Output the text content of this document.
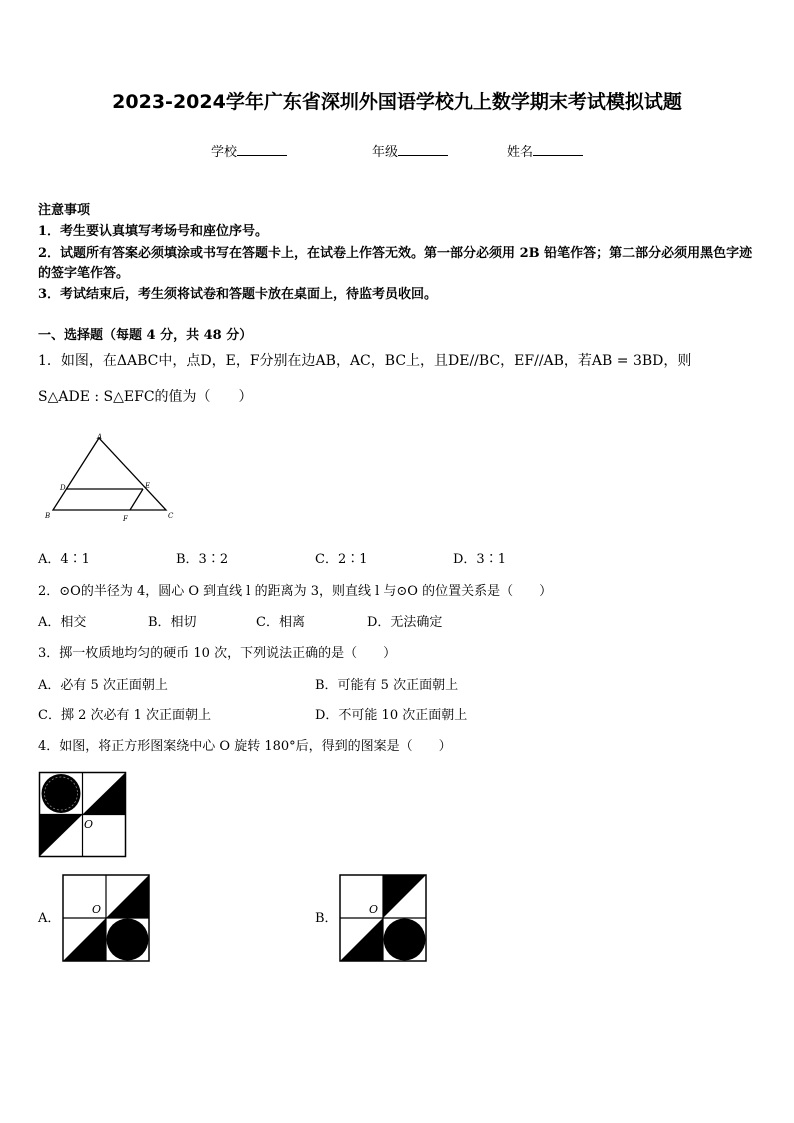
2023-2024学年广东省深圳外国语学校九上数学期末考试模拟试题
学校	年级	姓名
注意事项
1．考生要认真填写考场号和座位序号。
2．试题所有答案必须填涂或书写在答题卡上，在试卷上作答无效。第一部分必须用 2B 铅笔作答；第二部分必须用黑色字迹的签字笔作答。
3．考试结束后，考生须将试卷和答题卡放在桌面上，待监考员收回。
一、选择题（每题 4 分，共 48 分）
1．如图，在ΔABC中，点D，E，F分别在边AB，AC，BC上，且DE//BC，EF//AB，若AB = 3BD，则
S△ADE : S△EFC的值为（　　）
A
D	E
B	F	C
A．4∶1	B．3∶2	C．2∶1	D．3∶1
2．⊙O的半径为 4，圆心 O 到直线 l 的距离为 3，则直线 l 与⊙O 的位置关系是（　　）
A．相交	B．相切	C．相离	D．无法确定
3．掷一枚质地均匀的硬币 10 次，下列说法正确的是（　　）
A．必有 5 次正面朝上	B．可能有 5 次正面朝上
C．掷 2 次必有 1 次正面朝上	D．不可能 10 次正面朝上
4．如图，将正方形图案绕中心 O 旋转 180°后，得到的图案是（　　）
O
A．
O
B．
O
